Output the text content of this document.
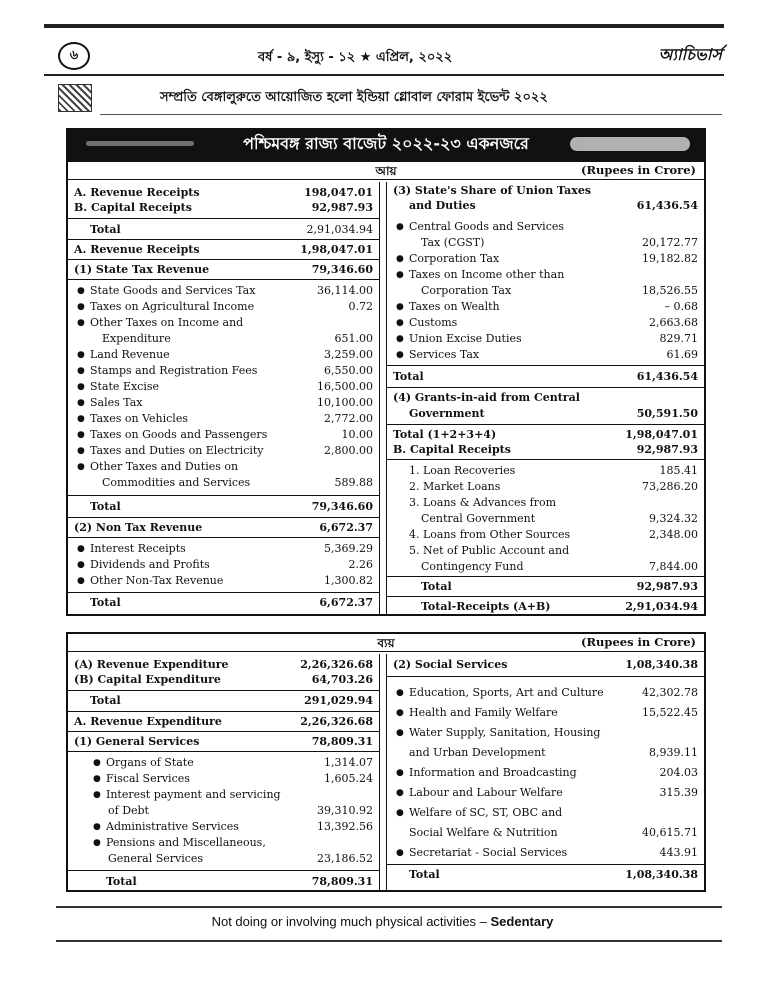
৬	বর্ষ - ৯, ইস্যু - ১২ ★ এপ্রিল, ২০২২	অ্যাচিভার্স
সম্প্রতি বেঙ্গালুরুতে আয়োজিত হলো ইন্ডিয়া গ্লোবাল ফোরাম ইভেন্ট ২০২২
পশ্চিমবঙ্গ রাজ্য বাজেট ২০২২-২৩ একনজরে
আয়	(Rupees in Crore)
A. Revenue Receipts	198,047.01
B. Capital Receipts	92,987.93
Total	2,91,034.94
A. Revenue Receipts	1,98,047.01
(1) State Tax Revenue	79,346.60
● State Goods and Services Tax	36,114.00
● Taxes on Agricultural Income	0.72
● Other Taxes on Income and
Expenditure	651.00
● Land Revenue	3,259.00
● Stamps and Registration Fees	6,550.00
● State Excise	16,500.00
● Sales Tax	10,100.00
● Taxes on Vehicles	2,772.00
● Taxes on Goods and Passengers	10.00
● Taxes and Duties on Electricity	2,800.00
● Other Taxes and Duties on
Commodities and Services	589.88
Total	79,346.60
(2) Non Tax Revenue	6,672.37
● Interest Receipts	5,369.29
● Dividends and Profits	2.26
● Other Non-Tax Revenue	1,300.82
Total	6,672.37
(3) State's Share of Union Taxes
and Duties	61,436.54
● Central Goods and Services
Tax (CGST)	20,172.77
● Corporation Tax	19,182.82
● Taxes on Income other than
Corporation Tax	18,526.55
● Taxes on Wealth	– 0.68
● Customs	2,663.68
● Union Excise Duties	829.71
● Services Tax	61.69
Total	61,436.54
(4) Grants-in-aid from Central
Government	50,591.50
Total (1+2+3+4)	1,98,047.01
B. Capital Receipts	92,987.93
1. Loan Recoveries	185.41
2. Market Loans	73,286.20
3. Loans & Advances from
Central Government	9,324.32
4. Loans from Other Sources	2,348.00
5. Net of Public Account and
Contingency Fund	7,844.00
Total	92,987.93
Total-Receipts (A+B)	2,91,034.94
ব্যয়	(Rupees in Crore)
(A) Revenue Expenditure	2,26,326.68
(B) Capital Expenditure	64,703.26
Total	291,029.94
A. Revenue Expenditure	2,26,326.68
(1) General Services	78,809.31
● Organs of State	1,314.07
● Fiscal Services	1,605.24
● Interest payment and servicing
of Debt	39,310.92
● Administrative Services	13,392.56
● Pensions and Miscellaneous,
General Services	23,186.52
Total	78,809.31
(2) Social Services	1,08,340.38
● Education, Sports, Art and Culture	42,302.78
● Health and Family Welfare	15,522.45
● Water Supply, Sanitation, Housing
and Urban Development	8,939.11
● Information and Broadcasting	204.03
● Labour and Labour Welfare	315.39
● Welfare of SC, ST, OBC and
Social Welfare & Nutrition	40,615.71
● Secretariat - Social Services	443.91
Total	1,08,340.38
Not doing or involving much physical activities – Sedentary
